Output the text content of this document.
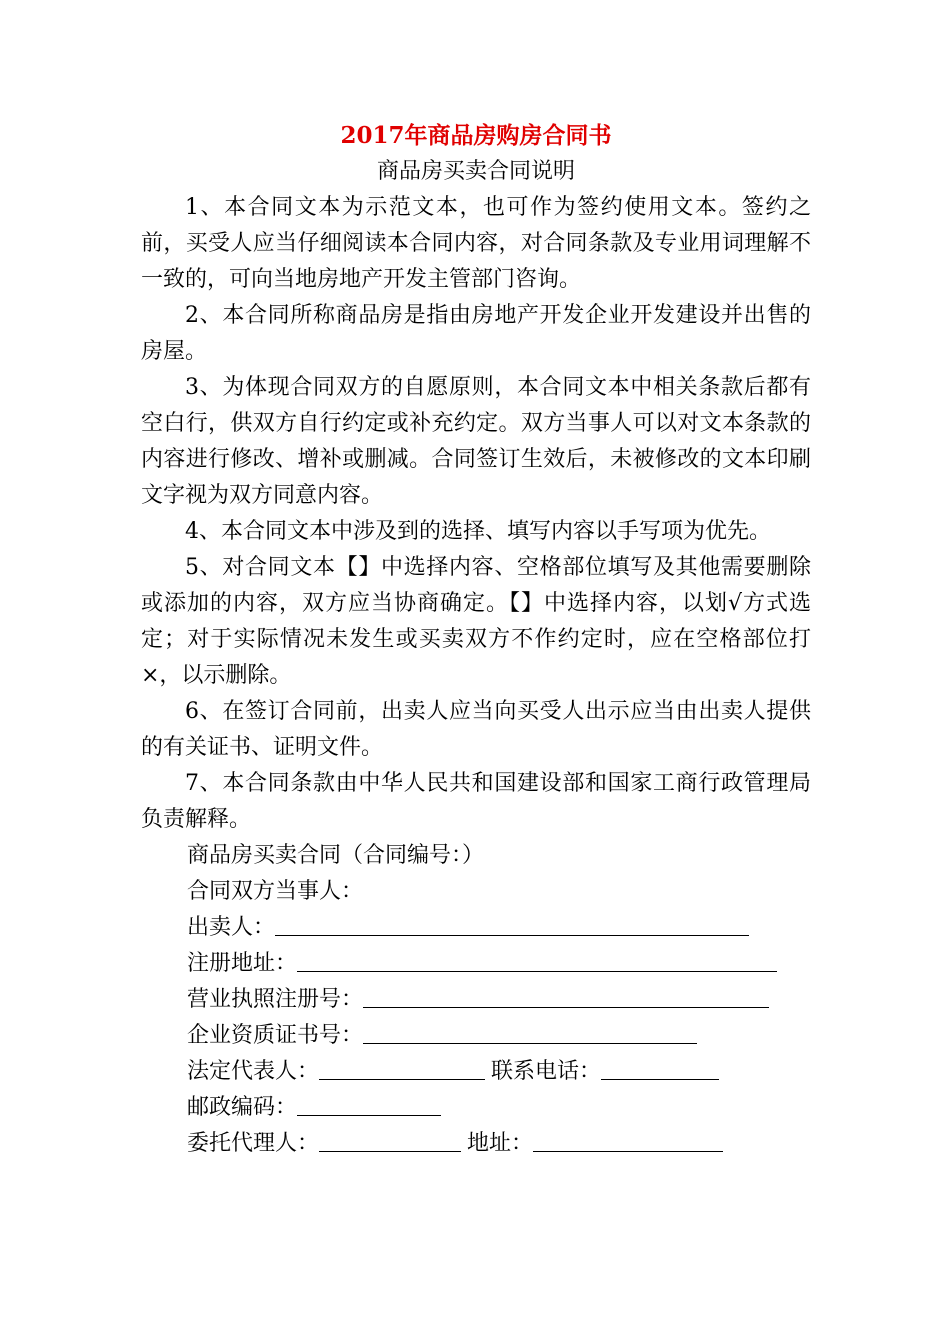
2017年商品房购房合同书

商品房买卖合同说明

1、本合同文本为示范文本，也可作为签约使用文本。签约之前，买受人应当仔细阅读本合同内容，对合同条款及专业用词理解不一致的，可向当地房地产开发主管部门咨询。

2、本合同所称商品房是指由房地产开发企业开发建设并出售的房屋。

3、为体现合同双方的自愿原则，本合同文本中相关条款后都有空白行，供双方自行约定或补充约定。双方当事人可以对文本条款的内容进行修改、增补或删减。合同签订生效后，未被修改的文本印刷文字视为双方同意内容。

4、本合同文本中涉及到的选择、填写内容以手写项为优先。

5、对合同文本【】中选择内容、空格部位填写及其他需要删除或添加的内容，双方应当协商确定。【】中选择内容，以划√方式选定；对于实际情况未发生或买卖双方不作约定时，应在空格部位打×，以示删除。

6、在签订合同前，出卖人应当向买受人出示应当由出卖人提供的有关证书、证明文件。

7、本合同条款由中华人民共和国建设部和国家工商行政管理局负责解释。

商品房买卖合同（合同编号：）

合同双方当事人：

出卖人：

注册地址：

营业执照注册号：

企业资质证书号：

法定代表人：	联系电话：

邮政编码：

委托代理人：	地址：
